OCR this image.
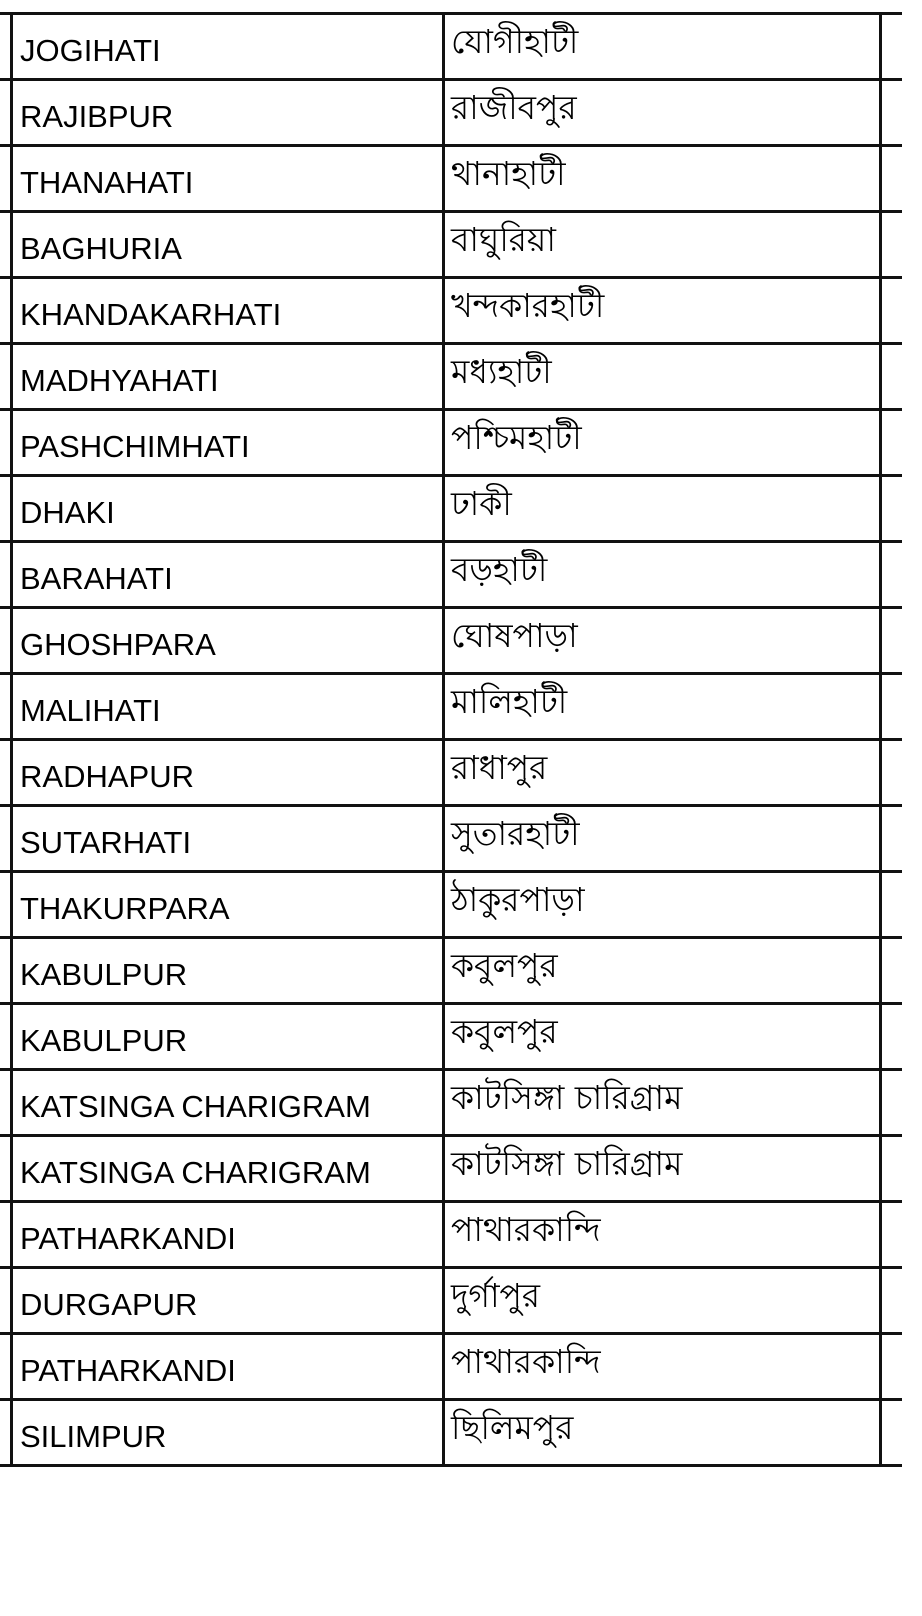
	JOGIHATI	যোগীহাটী	
	RAJIBPUR	রাজীবপুর	
	THANAHATI	থানাহাটী	
	BAGHURIA	বাঘুরিয়া	
	KHANDAKARHATI	খন্দকারহাটী	
	MADHYAHATI	মধ্যহাটী	
	PASHCHIMHATI	পশ্চিমহাটী	
	DHAKI	ঢাকী	
	BARAHATI	বড়হাটী	
	GHOSHPARA	ঘোষপাড়া	
	MALIHATI	মালিহাটী	
	RADHAPUR	রাধাপুর	
	SUTARHATI	সুতারহাটী	
	THAKURPARA	ঠাকুরপাড়া	
	KABULPUR	কবুলপুর	
	KABULPUR	কবুলপুর	
	KATSINGA CHARIGRAM	কাটসিঙ্গা চারিগ্রাম	
	KATSINGA CHARIGRAM	কাটসিঙ্গা চারিগ্রাম	
	PATHARKANDI	পাথারকান্দি	
	DURGAPUR	দুর্গাপুর	
	PATHARKANDI	পাথারকান্দি	
	SILIMPUR	ছিলিমপুর	
